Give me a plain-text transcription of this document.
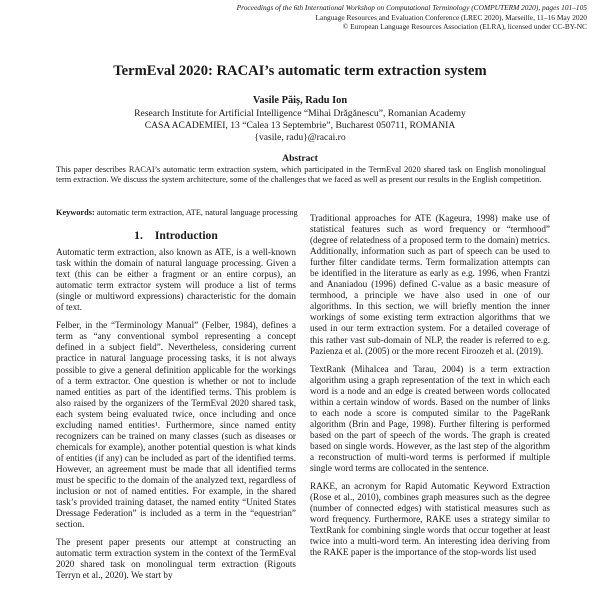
Proceedings of the 6th International Workshop on Computational Terminology (COMPUTERM 2020), pages 101–105
Language Resources and Evaluation Conference (LREC 2020), Marseille, 11–16 May 2020
© European Language Resources Association (ELRA), licensed under CC-BY-NC
TermEval 2020: RACAI’s automatic term extraction system
Vasile Păiș, Radu Ion
Research Institute for Artificial Intelligence “Mihai Drăgănescu”, Romanian Academy
CASA ACADEMIEI, 13 “Calea 13 Septembrie”, Bucharest 050711, ROMANIA
{vasile, radu}@racai.ro
Abstract
This paper describes RACAI’s automatic term extraction system, which participated in the TermEval 2020 shared task on English monolingual term extraction. We discuss the system architecture, some of the challenges that we faced as well as present our results in the English competition.
Keywords: automatic term extraction, ATE, natural language processing
1. Introduction

Automatic term extraction, also known as ATE, is a well-known task within the domain of natural language processing. Given a text (this can be either a fragment or an entire corpus), an automatic term extractor system will produce a list of terms (single or multiword expressions) characteristic for the domain of text.

Felber, in the “Terminology Manual” (Felber, 1984), defines a term as “any conventional symbol representing a concept defined in a subject field”. Nevertheless, considering current practice in natural language processing tasks, it is not always possible to give a general definition applicable for the workings of a term extractor. One question is whether or not to include named entities as part of the identified terms. This problem is also raised by the organizers of the TermEval 2020 shared task, each system being evaluated twice, once including and once excluding named entities¹. Furthermore, since named entity recognizers can be trained on many classes (such as diseases or chemicals for example), another potential question is what kinds of entities (if any) can be included as part of the identified terms. However, an agreement must be made that all identified terms must be specific to the domain of the analyzed text, regardless of inclusion or not of named entities. For example, in the shared task’s provided training dataset, the named entity “United States Dressage Federation” is included as a term in the “equestrian” section.

The present paper presents our attempt at constructing an automatic term extraction system in the context of the TermEval 2020 shared task on monolingual term extraction (Rigouts Terryn et al., 2020). We start by

Traditional approaches for ATE (Kageura, 1998) make use of statistical features such as word frequency or “termhood” (degree of relatedness of a proposed term to the domain) metrics. Additionally, information such as part of speech can be used to further filter candidate terms. Term formalization attempts can be identified in the literature as early as e.g. 1996, when Frantzi and Ananiadou (1996) defined C-value as a basic measure of termhood, a principle we have also used in one of our algorithms. In this section, we will briefly mention the inner workings of some existing term extraction algorithms that we used in our term extraction system. For a detailed coverage of this rather vast sub-domain of NLP, the reader is referred to e.g. Pazienza et al. (2005) or the more recent Firoozeh et al. (2019).

TextRank (Mihalcea and Tarau, 2004) is a term extraction algorithm using a graph representation of the text in which each word is a node and an edge is created between words collocated within a certain window of words. Based on the number of links to each node a score is computed similar to the PageRank algorithm (Brin and Page, 1998). Further filtering is performed based on the part of speech of the words. The graph is created based on single words. However, as the last step of the algorithm a reconstruction of multi-word terms is performed if multiple single word terms are collocated in the sentence.

RAKE, an acronym for Rapid Automatic Keyword Extraction (Rose et al., 2010), combines graph measures such as the degree (number of connected edges) with statistical measures such as word frequency. Furthermore, RAKE uses a strategy similar to TextRank for combining single words that occur together at least twice into a multi-word term. An interesting idea deriving from the RAKE paper is the importance of the stop-words list used
